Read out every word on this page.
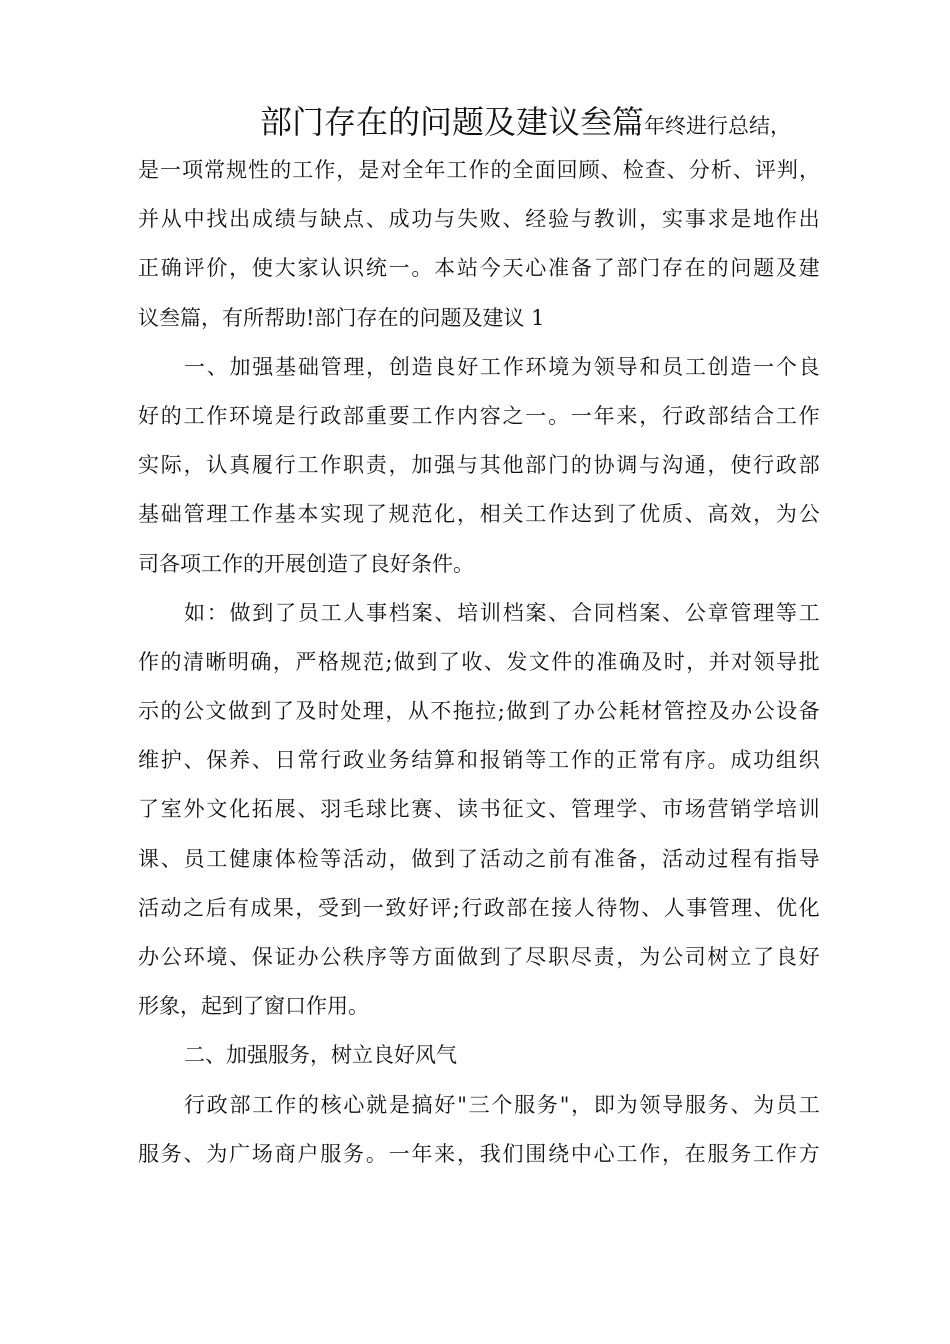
部门存在的问题及建议叁篇年终进行总结，
是 一 项 常 规 性 的 工 作 ， 是 对 全 年 工 作 的 全 面 回 顾 、 检 查 、 分 析 、 评 判 ，
并 从 中 找 出 成 绩 与 缺 点 、 成 功 与 失 败 、 经 验 与 教 训 ， 实 事 求 是 地 作 出
正 确 评 价 ， 使 大 家 认 识 统 一 。 本 站 今 天 心 准 备 了 部 门 存 在 的 问 题 及 建
议叁篇，有所帮助!部门存在的问题及建议 1
一 、 加 强 基 础 管 理 ， 创 造 良 好 工 作 环 境 为 领 导 和 员 工 创 造 一 个 良
好 的 工 作 环 境 是 行 政 部 重 要 工 作 内 容 之 一 。 一 年 来 ， 行 政 部 结 合 工 作
实 际 ， 认 真 履 行 工 作 职 责 ， 加 强 与 其 他 部 门 的 协 调 与 沟 通 ， 使 行 政 部
基 础 管 理 工 作 基 本 实 现 了 规 范 化 ， 相 关 工 作 达 到 了 优 质 、 高 效 ， 为 公
司各项工作的开展创造了良好条件。
如 ： 做 到 了 员 工 人 事 档 案 、 培 训 档 案 、 合 同 档 案 、 公 章 管 理 等 工
作 的 清 晰 明 确 ， 严 格 规 范 ; 做 到 了 收 、 发 文 件 的 准 确 及 时 ， 并 对 领 导 批
示 的 公 文 做 到 了 及 时 处 理 ， 从 不 拖 拉 ; 做 到 了 办 公 耗 材 管 控 及 办 公 设 备
维 护 、 保 养 、 日 常 行 政 业 务 结 算 和 报 销 等 工 作 的 正 常 有 序 。 成 功 组 织
了 室 外 文 化 拓 展 、 羽 毛 球 比 赛 、 读 书 征 文 、 管 理 学 、 市 场 营 销 学 培 训
课 、 员 工 健 康 体 检 等 活 动 ， 做 到 了 活 动 之 前 有 准 备 ， 活 动 过 程 有 指 导
活 动 之 后 有 成 果 ， 受 到 一 致 好 评 ; 行 政 部 在 接 人 待 物 、 人 事 管 理 、 优 化
办 公 环 境 、 保 证 办 公 秩 序 等 方 面 做 到 了 尽 职 尽 责 ， 为 公 司 树 立 了 良 好
形象，起到了窗口作用。
二、加强服务，树立良好风气
行 政 部 工 作 的 核 心 就 是 搞 好 " 三 个 服 务 " ， 即 为 领 导 服 务 、 为 员 工
服 务 、 为 广 场 商 户 服 务 。 一 年 来 ， 我 们 围 绕 中 心 工 作 ， 在 服 务 工 作 方
